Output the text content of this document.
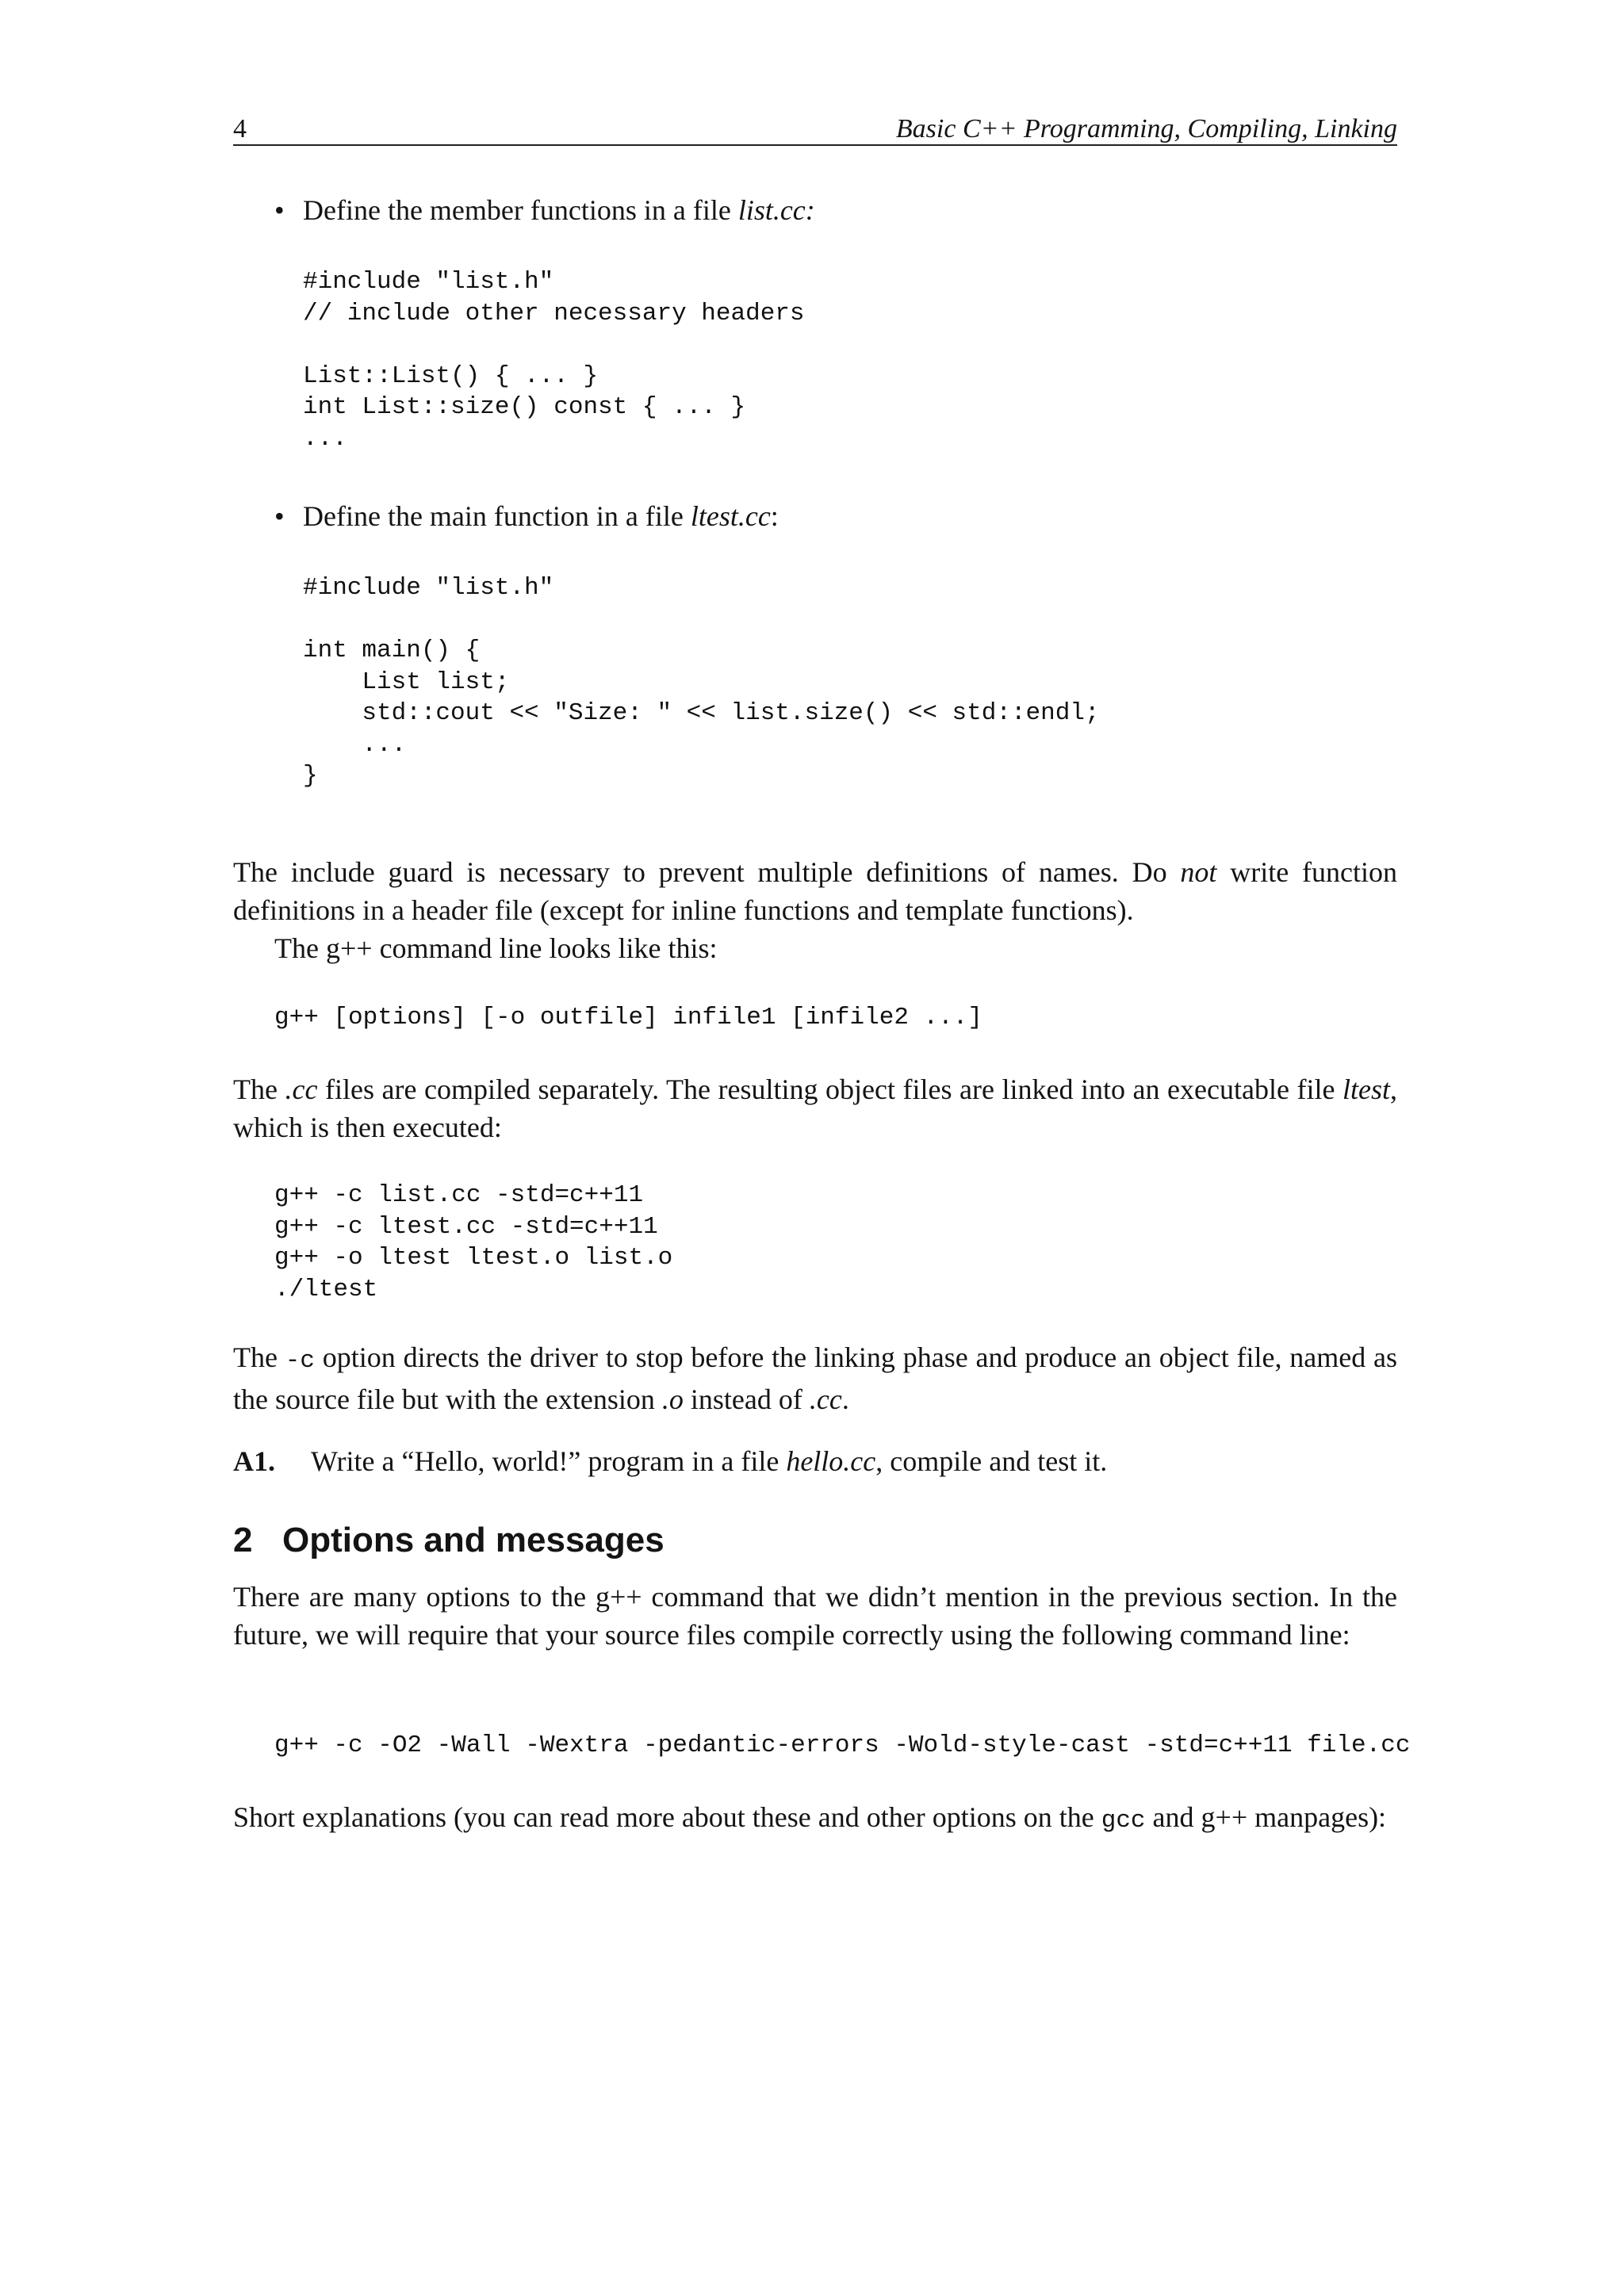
4	Basic C++ Programming, Compiling, Linking
• Define the member functions in a file list.cc:
#include "list.h"
// include other necessary headers

List::List() { ... }
int List::size() const { ... }
...
• Define the main function in a file ltest.cc:
#include "list.h"

int main() {
List list;
std::cout << "Size: " << list.size() << std::endl;
...
}
The include guard is necessary to prevent multiple definitions of names. Do not write function definitions in a header file (except for inline functions and template functions).
The g++ command line looks like this:
g++ [options] [-o outfile] infile1 [infile2 ...]
The .cc files are compiled separately. The resulting object files are linked into an executable file ltest, which is then executed:
g++ -c list.cc -std=c++11
g++ -c ltest.cc -std=c++11
g++ -o ltest ltest.o list.o
./ltest
The -c option directs the driver to stop before the linking phase and produce an object file, named as the source file but with the extension .o instead of .cc.
A1. Write a “Hello, world!” program in a file hello.cc, compile and test it.
2 Options and messages
There are many options to the g++ command that we didn’t mention in the previous section. In the future, we will require that your source files compile correctly using the following command line:
g++ -c -O2 -Wall -Wextra -pedantic-errors -Wold-style-cast -std=c++11 file.cc
Short explanations (you can read more about these and other options on the gcc and g++ manpages):
